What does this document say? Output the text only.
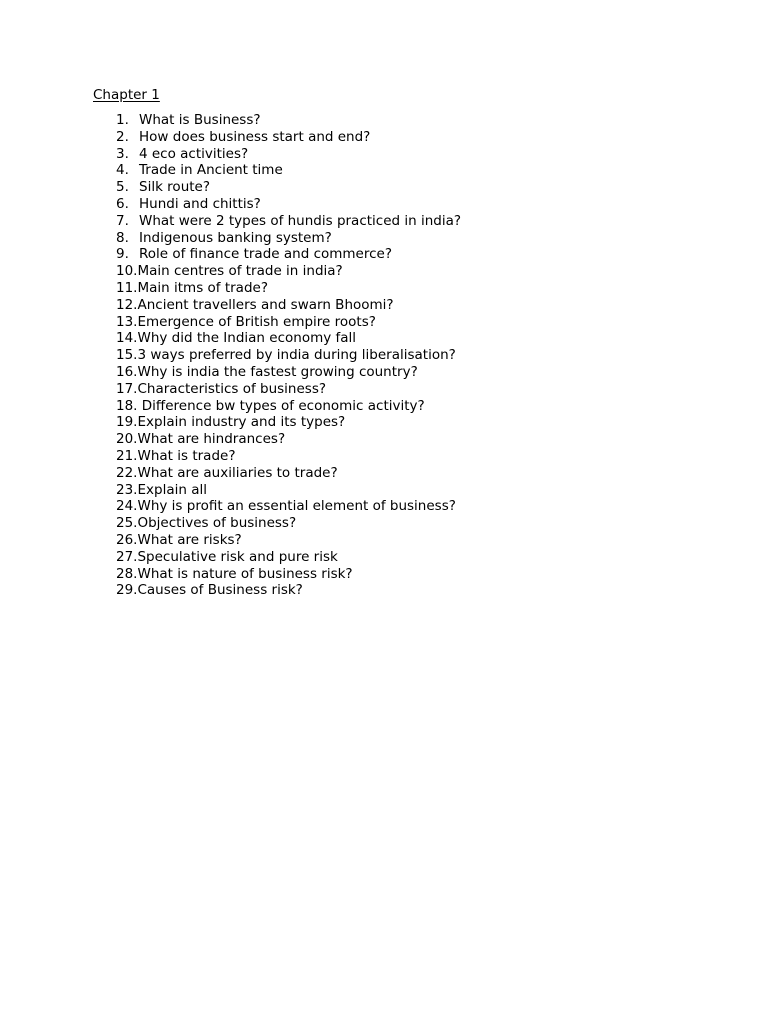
Chapter 1
1. What is Business?
2. How does business start and end?
3. 4 eco activities?
4. Trade in Ancient time
5. Silk route?
6. Hundi and chittis?
7. What were 2 types of hundis practiced in india?
8. Indigenous banking system?
9. Role of finance trade and commerce?
10.Main centres of trade in india?
11.Main itms of trade?
12.Ancient travellers and swarn Bhoomi?
13.Emergence of British empire roots?
14.Why did the Indian economy fall
15.3 ways preferred by india during liberalisation?
16.Why is india the fastest growing country?
17.Characteristics of business?
18. Difference bw types of economic activity?
19.Explain industry and its types?
20.What are hindrances?
21.What is trade?
22.What are auxiliaries to trade?
23.Explain all
24.Why is profit an essential element of business?
25.Objectives of business?
26.What are risks?
27.Speculative risk and pure risk
28.What is nature of business risk?
29.Causes of Business risk?
